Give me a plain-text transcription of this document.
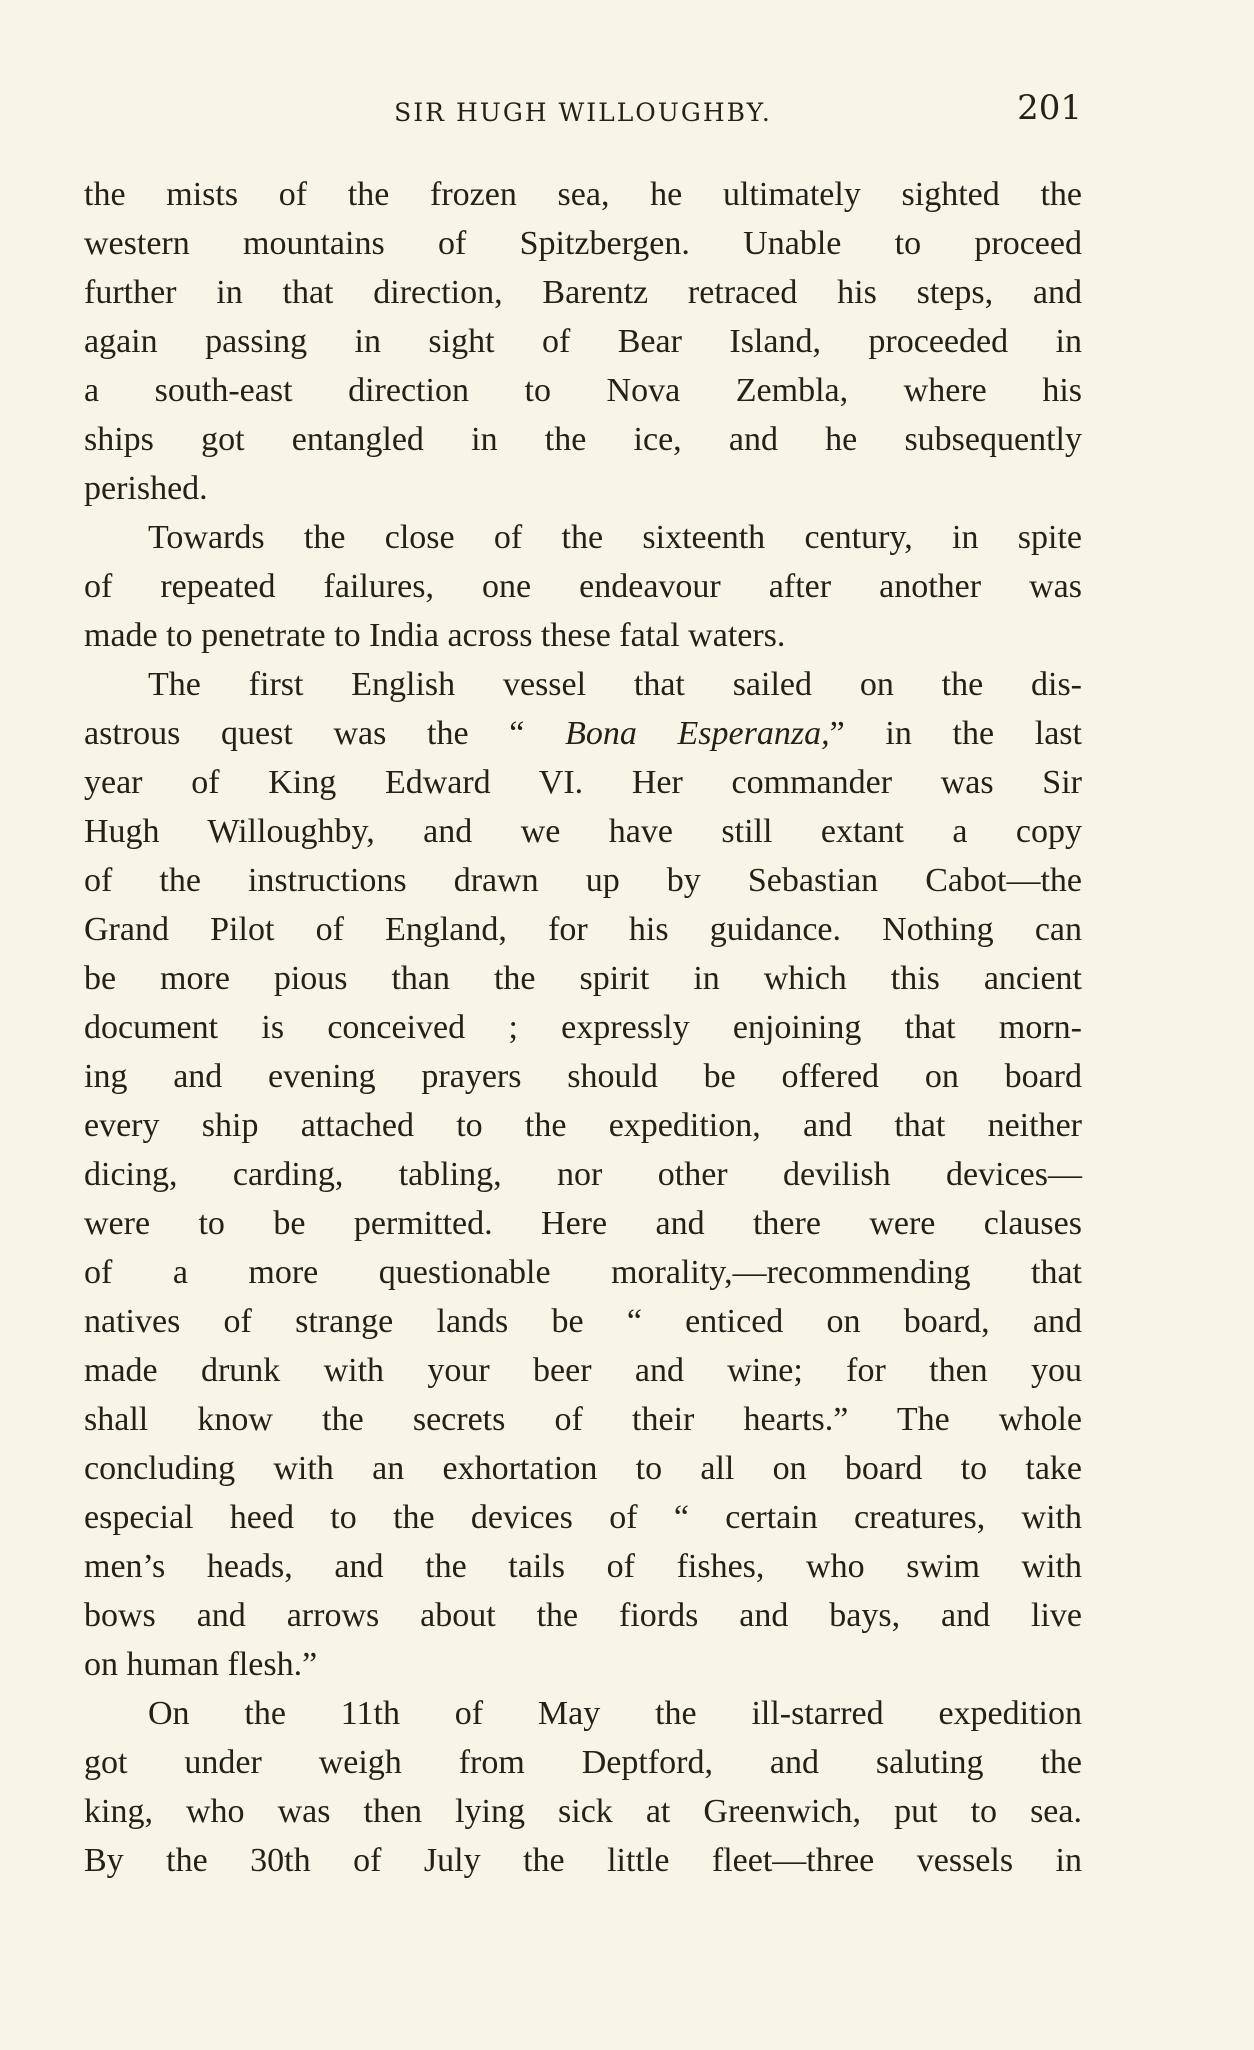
SIR HUGH WILLOUGHBY.	201
the mists of the frozen sea, he ultimately sighted the
western mountains of Spitzbergen. Unable to proceed
further in that direction, Barentz retraced his steps, and
again passing in sight of Bear Island, proceeded in
a south-east direction to Nova Zembla, where his
ships got entangled in the ice, and he subsequently
perished.
Towards the close of the sixteenth century, in spite
of repeated failures, one endeavour after another was
made to penetrate to India across these fatal waters.
The first English vessel that sailed on the dis-
astrous quest was the “ Bona Esperanza,” in the last
year of King Edward VI. Her commander was Sir
Hugh Willoughby, and we have still extant a copy
of the instructions drawn up by Sebastian Cabot—the
Grand Pilot of England, for his guidance. Nothing can
be more pious than the spirit in which this ancient
document is conceived ; expressly enjoining that morn-
ing and evening prayers should be offered on board
every ship attached to the expedition, and that neither
dicing, carding, tabling, nor other devilish devices—
were to be permitted. Here and there were clauses
of a more questionable morality,—recommending that
natives of strange lands be “ enticed on board, and
made drunk with your beer and wine; for then you
shall know the secrets of their hearts.” The whole
concluding with an exhortation to all on board to take
especial heed to the devices of “ certain creatures, with
men’s heads, and the tails of fishes, who swim with
bows and arrows about the fiords and bays, and live
on human flesh.”
On the 11th of May the ill-starred expedition
got under weigh from Deptford, and saluting the
king, who was then lying sick at Greenwich, put to sea.
By the 30th of July the little fleet—three vessels in
